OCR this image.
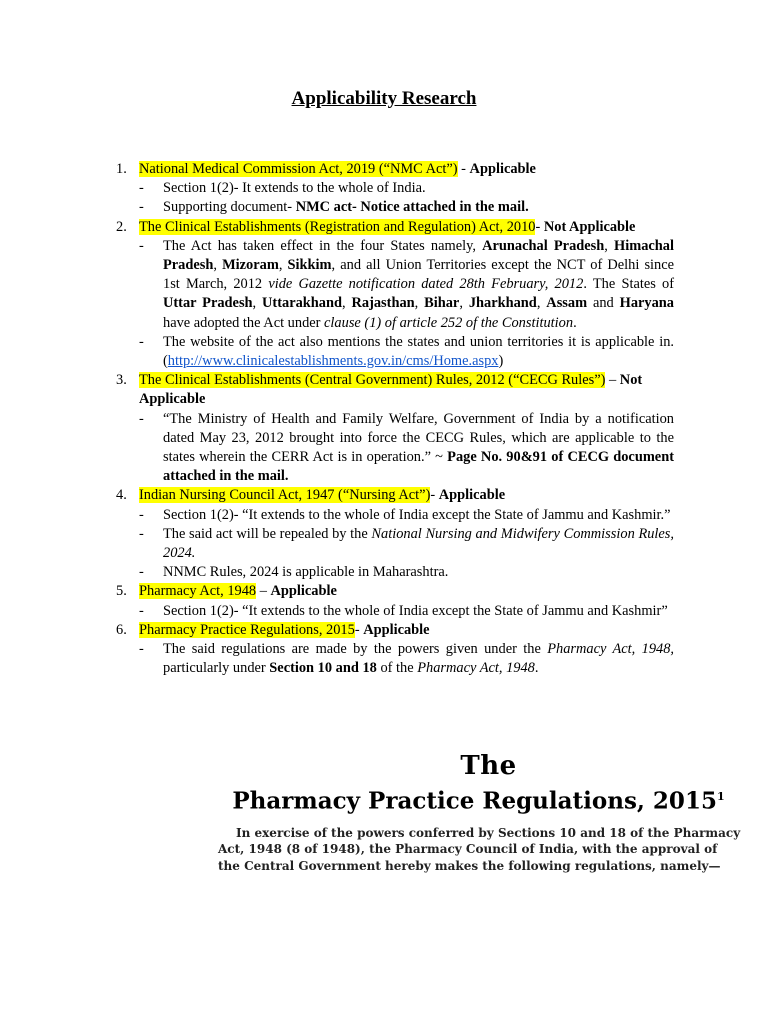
Applicability Research
1. National Medical Commission Act, 2019 (“NMC Act”) - Applicable
- Section 1(2)- It extends to the whole of India.
- Supporting document- NMC act- Notice attached in the mail.
2. The Clinical Establishments (Registration and Regulation) Act, 2010- Not Applicable
- The Act has taken effect in the four States namely, Arunachal Pradesh, Himachal Pradesh, Mizoram, Sikkim, and all Union Territories except the NCT of Delhi since 1st March, 2012 vide Gazette notification dated 28th February, 2012. The States of Uttar Pradesh, Uttarakhand, Rajasthan, Bihar, Jharkhand, Assam and Haryana have adopted the Act under clause (1) of article 252 of the Constitution.
- The website of the act also mentions the states and union territories it is applicable in. (http://www.clinicalestablishments.gov.in/cms/Home.aspx)
3. The Clinical Establishments (Central Government) Rules, 2012 (“CECG Rules”) – Not Applicable
- “The Ministry of Health and Family Welfare, Government of India by a notification dated May 23, 2012 brought into force the CECG Rules, which are applicable to the states wherein the CERR Act is in operation.” ~ Page No. 90&91 of CECG document attached in the mail.
4. Indian Nursing Council Act, 1947 (“Nursing Act”)- Applicable
- Section 1(2)- “It extends to the whole of India except the State of Jammu and Kashmir.”
- The said act will be repealed by the National Nursing and Midwifery Commission Rules, 2024.
- NNMC Rules, 2024 is applicable in Maharashtra.
5. Pharmacy Act, 1948 – Applicable
- Section 1(2)- “It extends to the whole of India except the State of Jammu and Kashmir”
6. Pharmacy Practice Regulations, 2015- Applicable
- The said regulations are made by the powers given under the Pharmacy Act, 1948, particularly under Section 10 and 18 of the Pharmacy Act, 1948.
The
Pharmacy Practice Regulations, 2015$^1$
In exercise of the powers conferred by Sections 10 and 18 of the Pharmacy Act, 1948 (8 of 1948), the Pharmacy Council of India, with the approval of the Central Government hereby makes the following regulations, namely—
